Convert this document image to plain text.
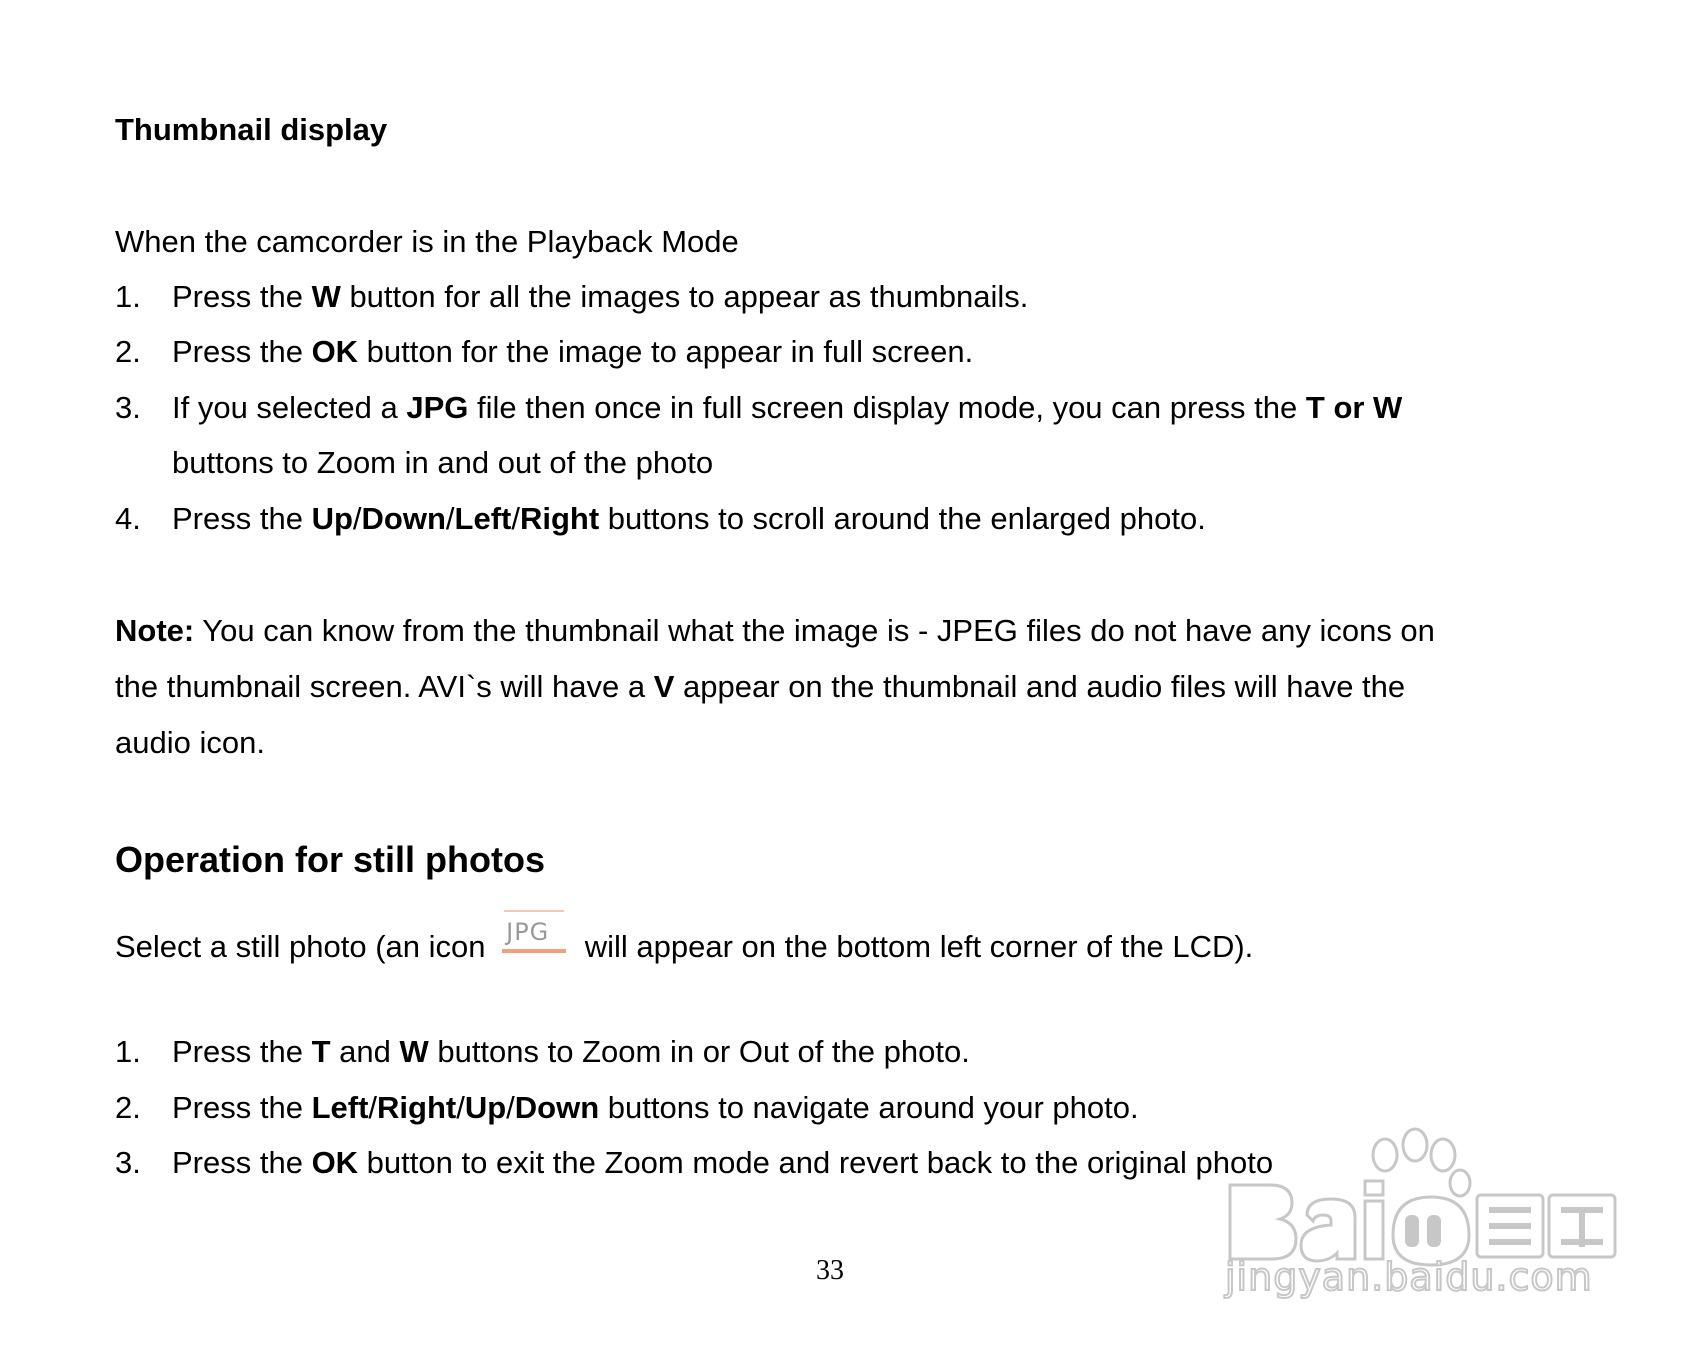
Thumbnail display
When the camcorder is in the Playback Mode
1. Press the W button for all the images to appear as thumbnails.
2. Press the OK button for the image to appear in full screen.
3. If you selected a JPG file then once in full screen display mode, you can press the T or W
buttons to Zoom in and out of the photo
4. Press the Up/Down/Left/Right buttons to scroll around the enlarged photo.
Note: You can know from the thumbnail what the image is - JPEG files do not have any icons on
the thumbnail screen. AVI`s will have a V appear on the thumbnail and audio files will have the
audio icon.
Operation for still photos
Select a still photo (an icon JPG will appear on the bottom left corner of the LCD).
1. Press the T and W buttons to Zoom in or Out of the photo.
2. Press the Left/Right/Up/Down buttons to navigate around your photo.
3. Press the OK button to exit the Zoom mode and revert back to the original photo
33	jingyan.baidu.com
